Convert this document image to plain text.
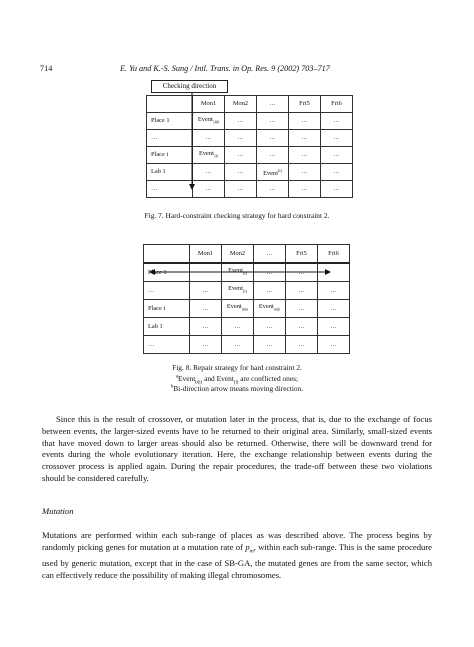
714	E. Yu and K.-S. Sung / Intl. Trans. in Op. Res. 9 (2002) 703–717
Checking direction
	Mon1	Mon2	…	Fri5	Fri6
Place 1	Event$_{100}$	…	…	…	…
…	…	…	…	…	…
Place i	Event$_{10}$	…	…	…	…
Lab 1	…	…	Event$^{(i)}$	…	…
…	…	…	…	…	…
Fig. 7. Hard-constraint checking strategy for hard constraint 2.
	Mon1	Mon2	…	Fri5	Fri6
Place 1		Event$_{(i)}$	…	…	
…	…	Event$_{(i)}$	…	…	…
Place i	…	Event$_{nnn}$	Event$_{nnk}$	…	…
Lab 1	…	…	…	…	…
…	…	…	…	…	…
Fig. 8. Repair strategy for hard constraint 2.
$^a$Event$_{b(i)}$ and Event$_{(i)}$ are conflicted ones;
$^b$Bi-direction arrow means moving direction.
Since this is the result of crossover, or mutation later in the process, that is, due to the exchange of focus between events, the larger-sized events have to be returned to their original area. Similarly, small-sized events that have moved down to larger areas should also be returned. Otherwise, there will be downward trend for events during the whole evolutionary iteration. Here, the exchange relationship between events during the crossover process is applied again. During the repair procedures, the trade-off between these two violations should be considered carefully.
Mutation
Mutations are performed within each sub-range of places as was described above. The process begins by randomly picking genes for mutation at a mutation rate of $p_m$, within each sub-range. This is the same procedure used by generic mutation, except that in the case of SB-GA, the mutated genes are from the same sector, which can effectively reduce the possibility of making illegal chromosomes.
